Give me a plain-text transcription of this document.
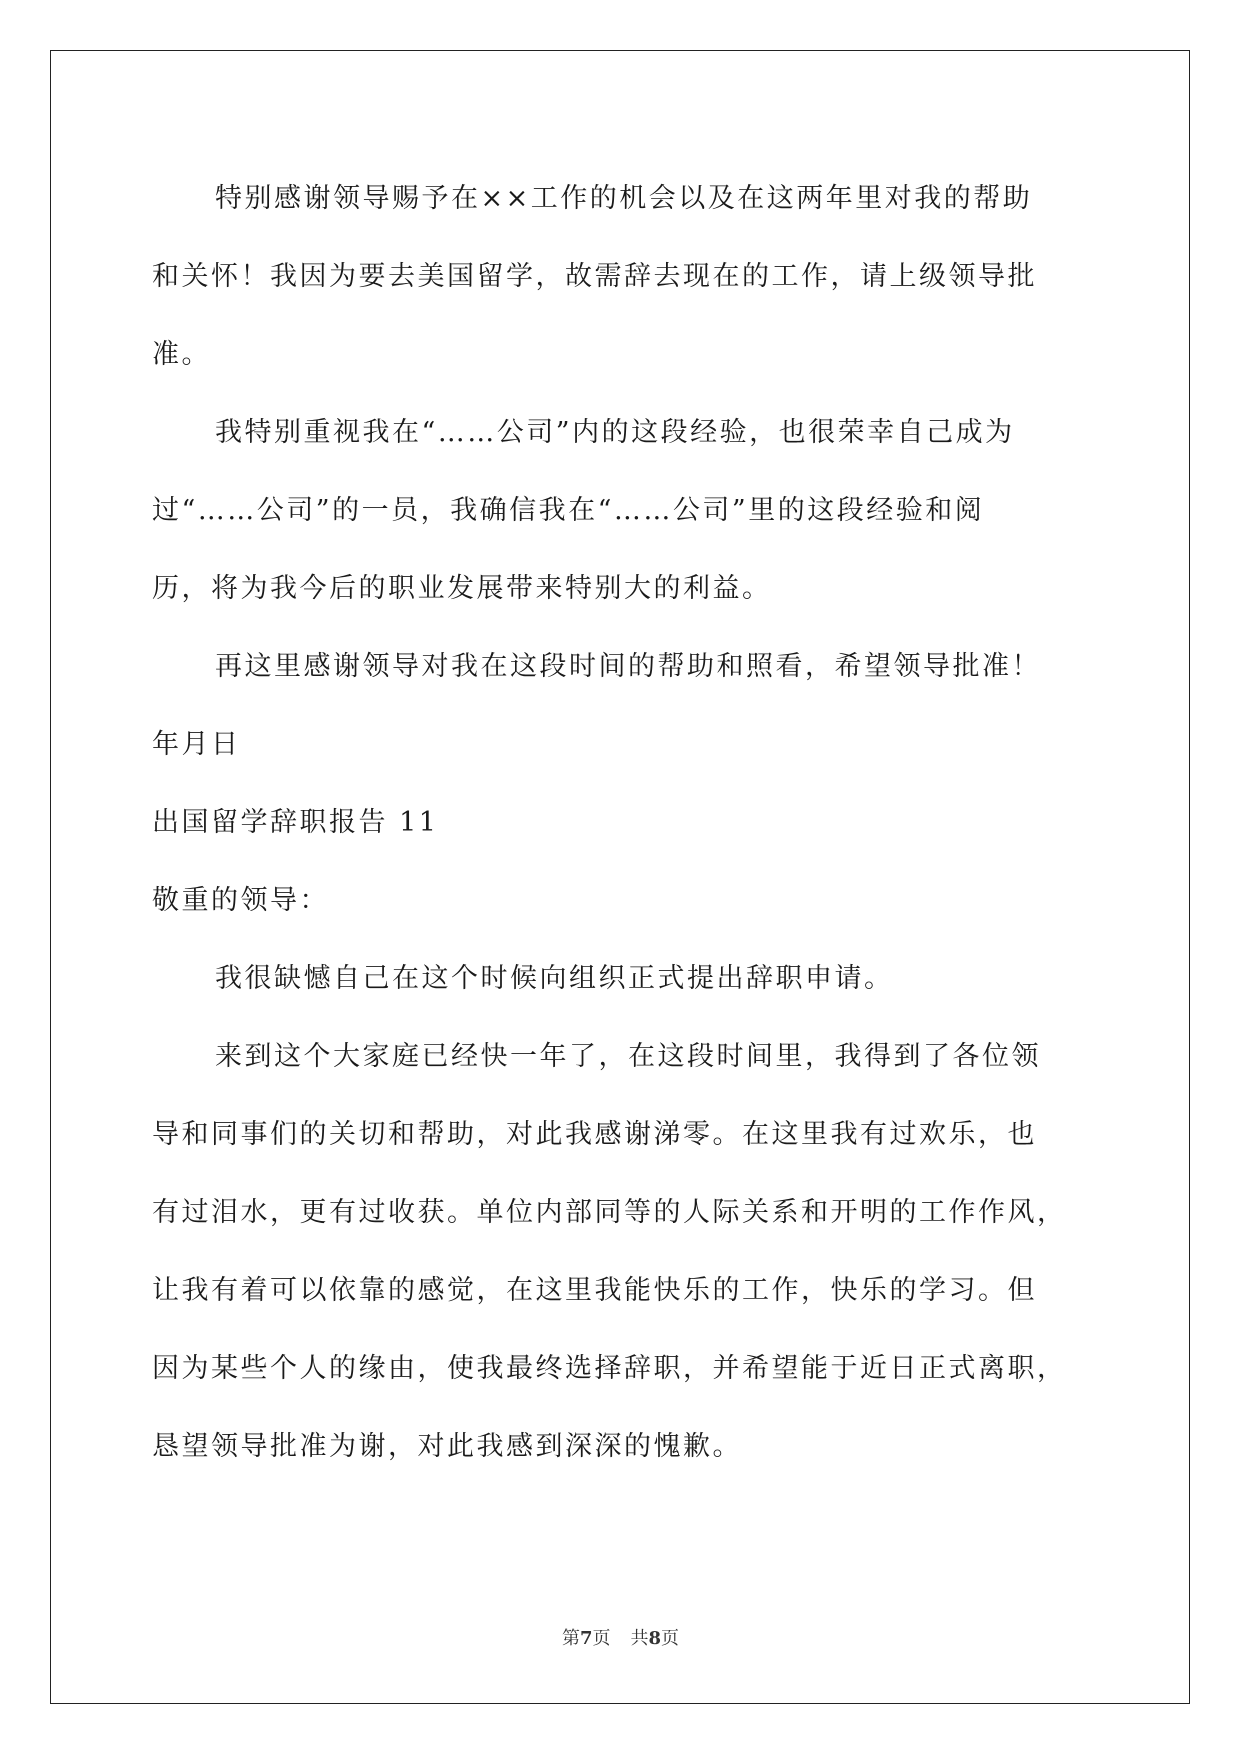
特别感谢领导赐予在××工作的机会以及在这两年里对我的帮助
和关怀！我因为要去美国留学，故需辞去现在的工作，请上级领导批
准。
我特别重视我在“……公司”内的这段经验，也很荣幸自己成为
过“……公司”的一员，我确信我在“……公司”里的这段经验和阅
历，将为我今后的职业发展带来特别大的利益。
再这里感谢领导对我在这段时间的帮助和照看，希望领导批准！
年月日
出国留学辞职报告 11
敬重的领导：
我很缺憾自己在这个时候向组织正式提出辞职申请。
来到这个大家庭已经快一年了，在这段时间里，我得到了各位领
导和同事们的关切和帮助，对此我感谢涕零。在这里我有过欢乐，也
有过泪水，更有过收获。单位内部同等的人际关系和开明的工作作风，
让我有着可以依靠的感觉，在这里我能快乐的工作，快乐的学习。但
因为某些个人的缘由，使我最终选择辞职，并希望能于近日正式离职，
恳望领导批准为谢，对此我感到深深的愧歉。
第7页 共8页
